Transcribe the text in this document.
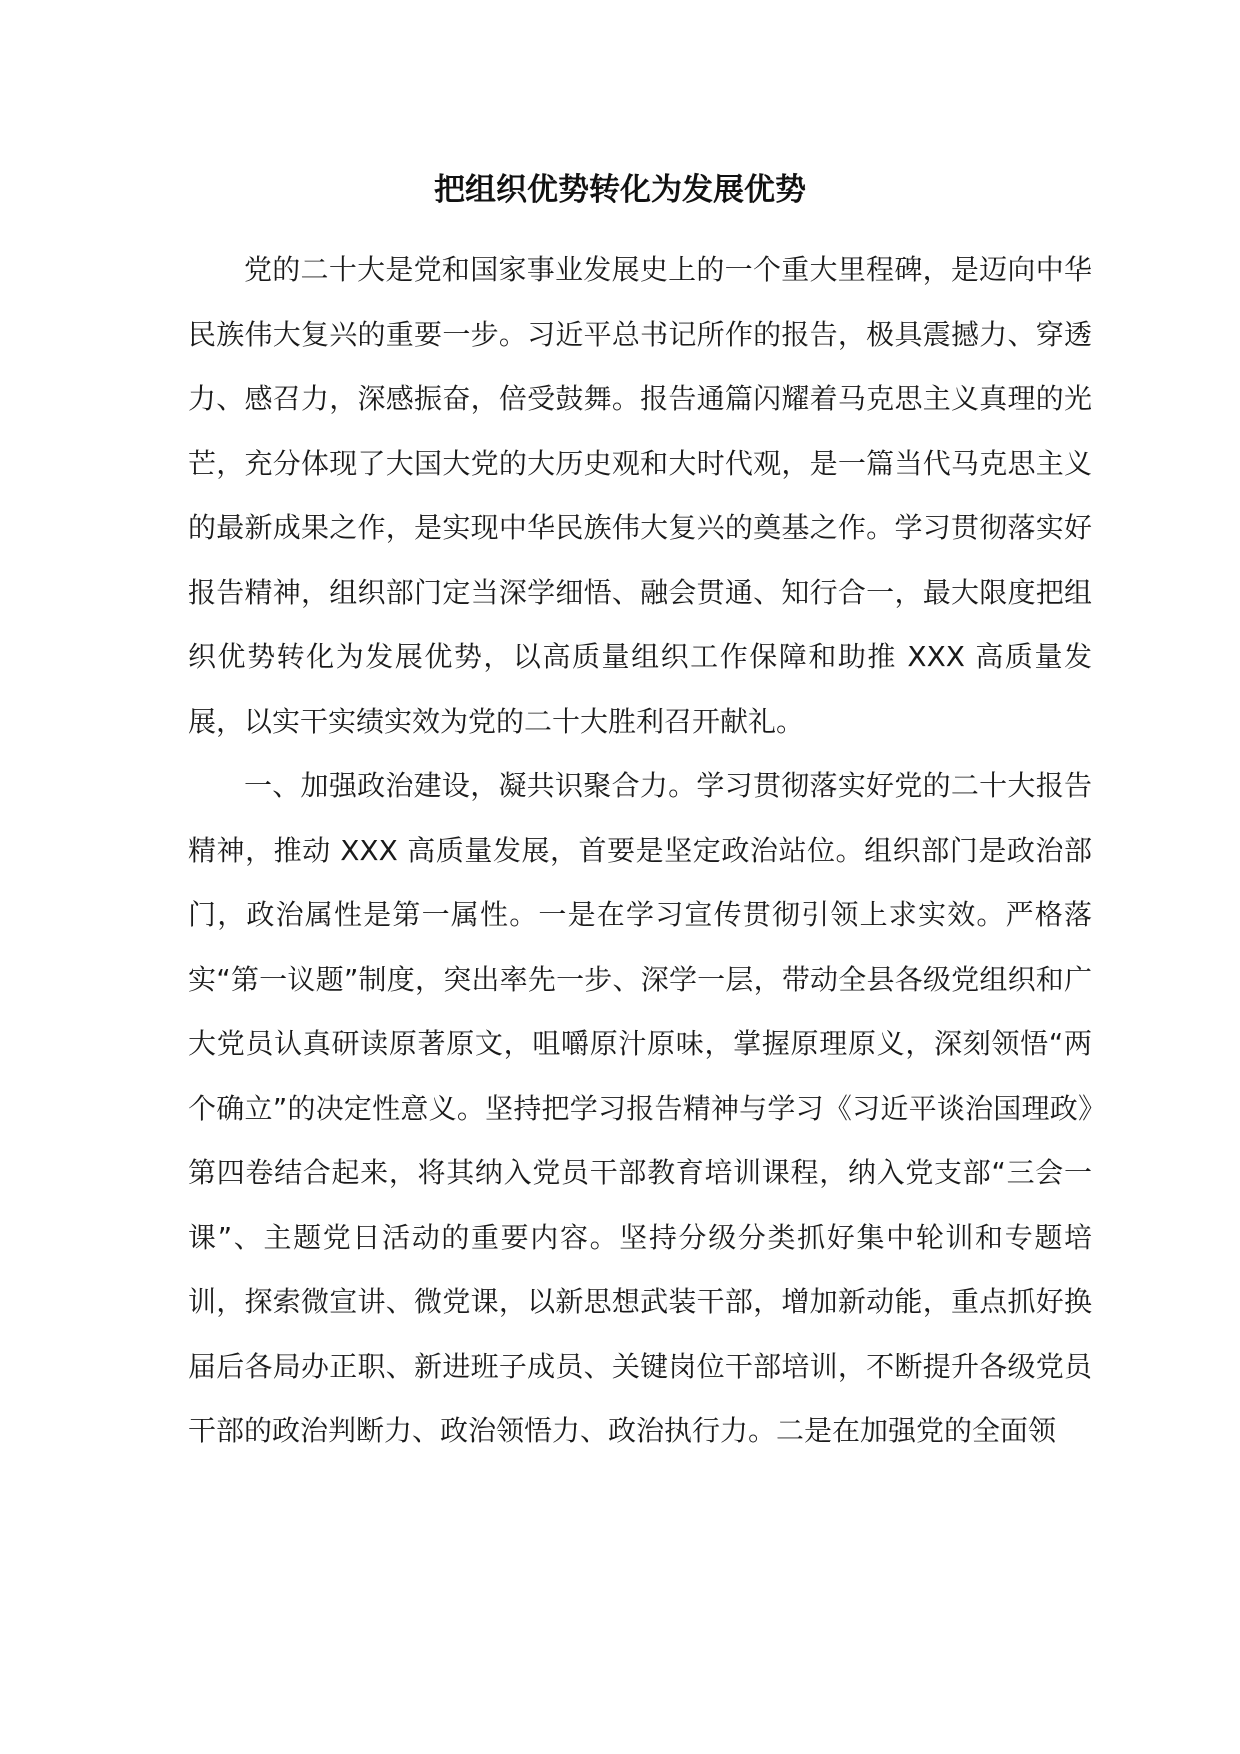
把组织优势转化为发展优势

党的二十大是党和国家事业发展史上的一个重大里程碑，是迈向中华民族伟大复兴的重要一步。习近平总书记所作的报告，极具震撼力、穿透力、感召力，深感振奋，倍受鼓舞。报告通篇闪耀着马克思主义真理的光芒，充分体现了大国大党的大历史观和大时代观，是一篇当代马克思主义的最新成果之作，是实现中华民族伟大复兴的奠基之作。学习贯彻落实好报告精神，组织部门定当深学细悟、融会贯通、知行合一，最大限度把组织优势转化为发展优势，以高质量组织工作保障和助推 XXX 高质量发展，以实干实绩实效为党的二十大胜利召开献礼。

一、加强政治建设，凝共识聚合力。学习贯彻落实好党的二十大报告精神，推动 XXX 高质量发展，首要是坚定政治站位。组织部门是政治部门，政治属性是第一属性。一是在学习宣传贯彻引领上求实效。严格落实“第一议题”制度，突出率先一步、深学一层，带动全县各级党组织和广大党员认真研读原著原文，咀嚼原汁原味，掌握原理原义，深刻领悟“两个确立”的决定性意义。坚持把学习报告精神与学习《习近平谈治国理政》第四卷结合起来，将其纳入党员干部教育培训课程，纳入党支部“三会一课”、主题党日活动的重要内容。坚持分级分类抓好集中轮训和专题培训，探索微宣讲、微党课，以新思想武装干部，增加新动能，重点抓好换届后各局办正职、新进班子成员、关键岗位干部培训，不断提升各级党员干部的政治判断力、政治领悟力、政治执行力。二是在加强党的全面领
